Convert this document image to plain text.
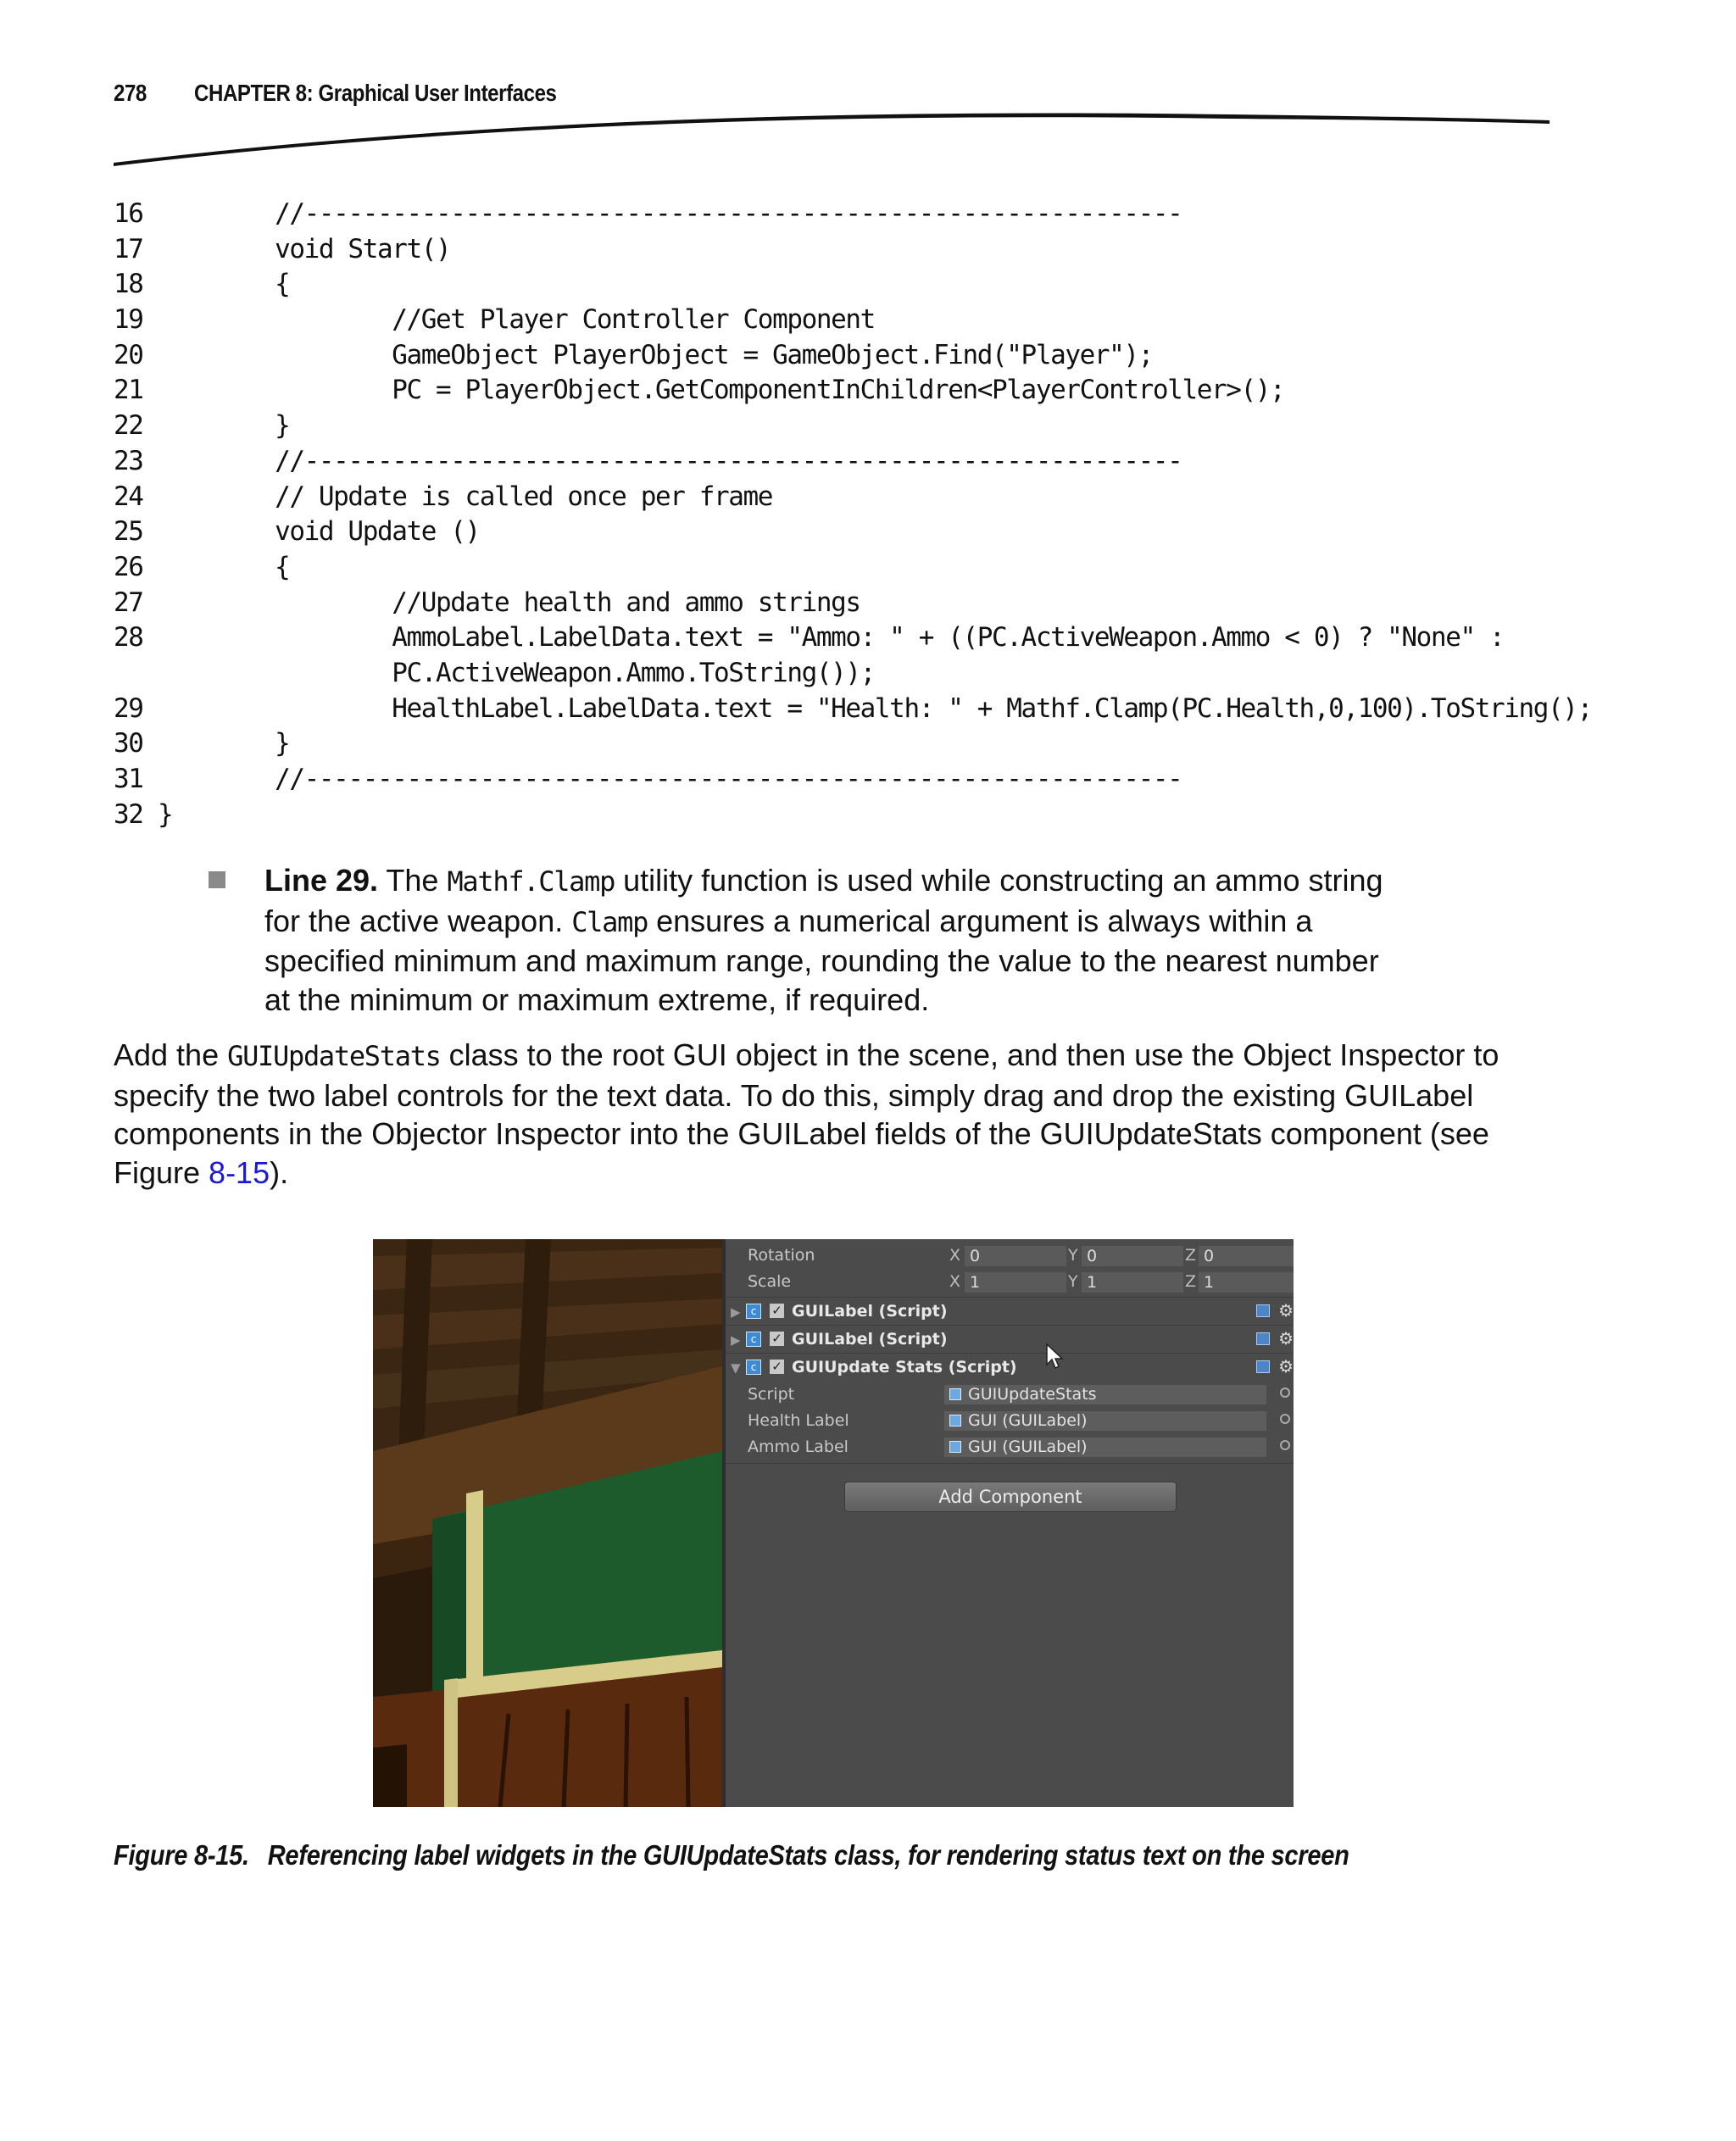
278 CHAPTER 8: Graphical User Interfaces
16        //------------------------------------------------------------
17        void Start()
18        {
19                //Get Player Controller Component
20                GameObject PlayerObject = GameObject.Find("Player");
21                PC = PlayerObject.GetComponentInChildren<PlayerController>();
22        }
23        //------------------------------------------------------------
24        // Update is called once per frame
25        void Update ()
26        {
27                //Update health and ammo strings
28                AmmoLabel.LabelData.text = "Ammo: " + ((PC.ActiveWeapon.Ammo < 0) ? "None" :
PC.ActiveWeapon.Ammo.ToString());
29                HealthLabel.LabelData.text = "Health: " + Mathf.Clamp(PC.Health,0,100).ToString();
30        }
31        //------------------------------------------------------------
32 }
Line 29. The Mathf.Clamp utility function is used while constructing an ammo string for the active weapon. Clamp ensures a numerical argument is always within a specified minimum and maximum range, rounding the value to the nearest number at the minimum or maximum extreme, if required.
Add the GUIUpdateStats class to the root GUI object in the scene, and then use the Object Inspector to specify the two label controls for the text data. To do this, simply drag and drop the existing GUILabel components in the Objector Inspector into the GUILabel fields of the GUIUpdateStats component (see Figure 8-15).
Rotation	X 0	Y 0	Z 0
Scale	X 1	Y 1	Z 1
▶	c	✓ GUILabel (Script)	⚙
▶	c	✓ GUILabel (Script)	⚙
▼	c	✓ GUIUpdate Stats (Script)	⚙
Script	GUIUpdateStats
Health Label	GUI (GUILabel)
Ammo Label	GUI (GUILabel)
Add Component
Figure 8-15. Referencing label widgets in the GUIUpdateStats class, for rendering status text on the screen
